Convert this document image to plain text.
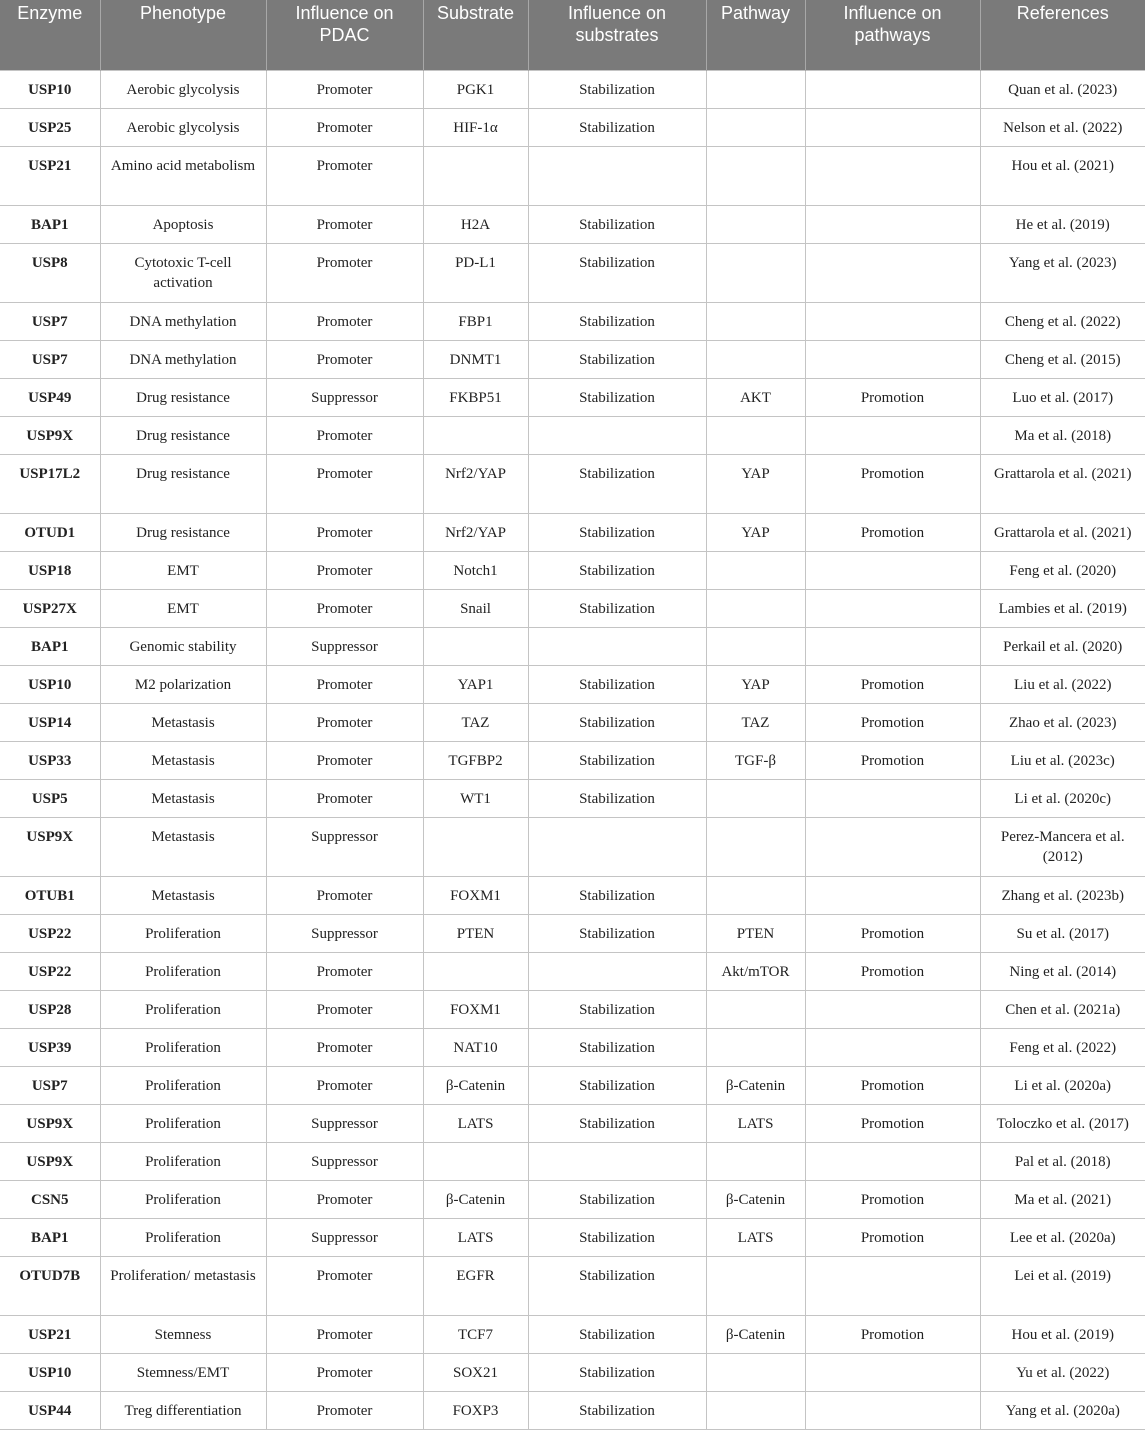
Enzyme	Phenotype	Influence on PDAC	Substrate	Influence on substrates	Pathway	Influence on pathways	References
USP10	Aerobic glycolysis	Promoter	PGK1	Stabilization			Quan et al. (2023)
USP25	Aerobic glycolysis	Promoter	HIF-1α	Stabilization			Nelson et al. (2022)
USP21	Amino acid metabolism	Promoter					Hou et al. (2021)
BAP1	Apoptosis	Promoter	H2A	Stabilization			He et al. (2019)
USP8	Cytotoxic T-cell activation	Promoter	PD-L1	Stabilization			Yang et al. (2023)
USP7	DNA methylation	Promoter	FBP1	Stabilization			Cheng et al. (2022)
USP7	DNA methylation	Promoter	DNMT1	Stabilization			Cheng et al. (2015)
USP49	Drug resistance	Suppressor	FKBP51	Stabilization	AKT	Promotion	Luo et al. (2017)
USP9X	Drug resistance	Promoter					Ma et al. (2018)
USP17L2	Drug resistance	Promoter	Nrf2/YAP	Stabilization	YAP	Promotion	Grattarola et al. (2021)
OTUD1	Drug resistance	Promoter	Nrf2/YAP	Stabilization	YAP	Promotion	Grattarola et al. (2021)
USP18	EMT	Promoter	Notch1	Stabilization			Feng et al. (2020)
USP27X	EMT	Promoter	Snail	Stabilization			Lambies et al. (2019)
BAP1	Genomic stability	Suppressor					Perkail et al. (2020)
USP10	M2 polarization	Promoter	YAP1	Stabilization	YAP	Promotion	Liu et al. (2022)
USP14	Metastasis	Promoter	TAZ	Stabilization	TAZ	Promotion	Zhao et al. (2023)
USP33	Metastasis	Promoter	TGFBP2	Stabilization	TGF-β	Promotion	Liu et al. (2023c)
USP5	Metastasis	Promoter	WT1	Stabilization			Li et al. (2020c)
USP9X	Metastasis	Suppressor					Perez-Mancera et al. (2012)
OTUB1	Metastasis	Promoter	FOXM1	Stabilization			Zhang et al. (2023b)
USP22	Proliferation	Suppressor	PTEN	Stabilization	PTEN	Promotion	Su et al. (2017)
USP22	Proliferation	Promoter			Akt/mTOR	Promotion	Ning et al. (2014)
USP28	Proliferation	Promoter	FOXM1	Stabilization			Chen et al. (2021a)
USP39	Proliferation	Promoter	NAT10	Stabilization			Feng et al. (2022)
USP7	Proliferation	Promoter	β-Catenin	Stabilization	β-Catenin	Promotion	Li et al. (2020a)
USP9X	Proliferation	Suppressor	LATS	Stabilization	LATS	Promotion	Toloczko et al. (2017)
USP9X	Proliferation	Suppressor					Pal et al. (2018)
CSN5	Proliferation	Promoter	β-Catenin	Stabilization	β-Catenin	Promotion	Ma et al. (2021)
BAP1	Proliferation	Suppressor	LATS	Stabilization	LATS	Promotion	Lee et al. (2020a)
OTUD7B	Proliferation/ metastasis	Promoter	EGFR	Stabilization			Lei et al. (2019)
USP21	Stemness	Promoter	TCF7	Stabilization	β-Catenin	Promotion	Hou et al. (2019)
USP10	Stemness/EMT	Promoter	SOX21	Stabilization			Yu et al. (2022)
USP44	Treg differentiation	Promoter	FOXP3	Stabilization			Yang et al. (2020a)
